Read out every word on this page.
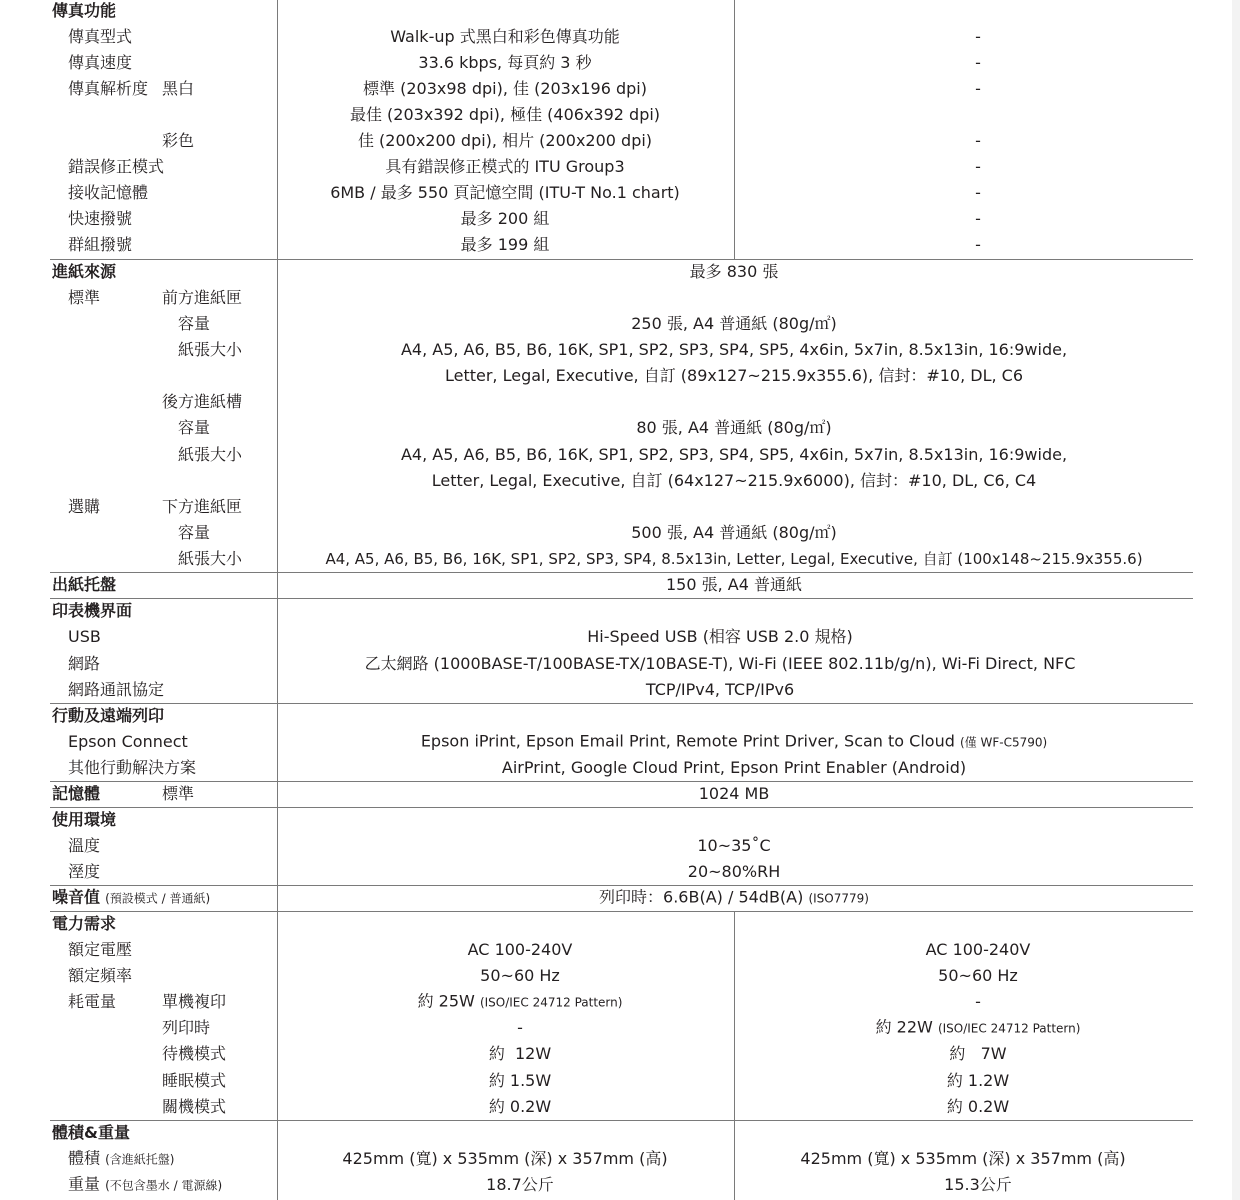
傳真功能
傳真型式	Walk-up 式黑白和彩色傳真功能	-
傳真速度	33.6 kbps, 每頁約 3 秒	-
傳真解析度 黑白	標準 (203x98 dpi), 佳 (203x196 dpi)	-
最佳 (203x392 dpi), 極佳 (406x392 dpi)
彩色	佳 (200x200 dpi), 相片 (200x200 dpi)	-
錯誤修正模式	具有錯誤修正模式的 ITU Group3	-
接收記憶體	6MB / 最多 550 頁記憶空間 (ITU-T No.1 chart)	-
快速撥號	最多 200 組	-
群組撥號	最多 199 組	-
進紙來源	最多 830 張
標準	前方進紙匣
容量	250 張, A4 普通紙 (80g/㎡)
紙張大小	A4, A5, A6, B5, B6, 16K, SP1, SP2, SP3, SP4, SP5, 4x6in, 5x7in, 8.5x13in, 16:9wide,
Letter, Legal, Executive, 自訂 (89x127~215.9x355.6), 信封：#10, DL, C6
後方進紙槽
容量	80 張, A4 普通紙 (80g/㎡)
紙張大小	A4, A5, A6, B5, B6, 16K, SP1, SP2, SP3, SP4, SP5, 4x6in, 5x7in, 8.5x13in, 16:9wide,
Letter, Legal, Executive, 自訂 (64x127~215.9x6000), 信封：#10, DL, C6, C4
選購	下方進紙匣
容量	500 張, A4 普通紙 (80g/㎡)
紙張大小	A4, A5, A6, B5, B6, 16K, SP1, SP2, SP3, SP4, 8.5x13in, Letter, Legal, Executive, 自訂 (100x148~215.9x355.6)
出紙托盤	150 張, A4 普通紙
印表機界面
USB	Hi-Speed USB (相容 USB 2.0 規格)
網路	乙太網路 (1000BASE-T/100BASE-TX/10BASE-T), Wi-Fi (IEEE 802.11b/g/n), Wi-Fi Direct, NFC
網路通訊協定	TCP/IPv4, TCP/IPv6
行動及遠端列印
Epson Connect	Epson iPrint, Epson Email Print, Remote Print Driver, Scan to Cloud (僅 WF-C5790)
其他行動解決方案	AirPrint, Google Cloud Print, Epson Print Enabler (Android)
記憶體	標準	1024 MB
使用環境
溫度	10~35˚C
溼度	20~80%RH
噪音值 (預設模式 / 普通紙)	列印時：6.6B(A) / 54dB(A) (ISO7779)
電力需求
額定電壓	AC 100-240V	AC 100-240V
額定頻率	50~60 Hz	50~60 Hz
耗電量	單機複印	約 25W (ISO/IEC 24712 Pattern)	-
列印時	-	約 22W (ISO/IEC 24712 Pattern)
待機模式	約  12W	約   7W
睡眠模式	約 1.5W	約 1.2W
關機模式	約 0.2W	約 0.2W
體積&重量
體積 (含進紙托盤)	425mm (寬) x 535mm (深) x 357mm (高)	425mm (寬) x 535mm (深) x 357mm (高)
重量 (不包含墨水 / 電源線)	18.7公斤	15.3公斤
